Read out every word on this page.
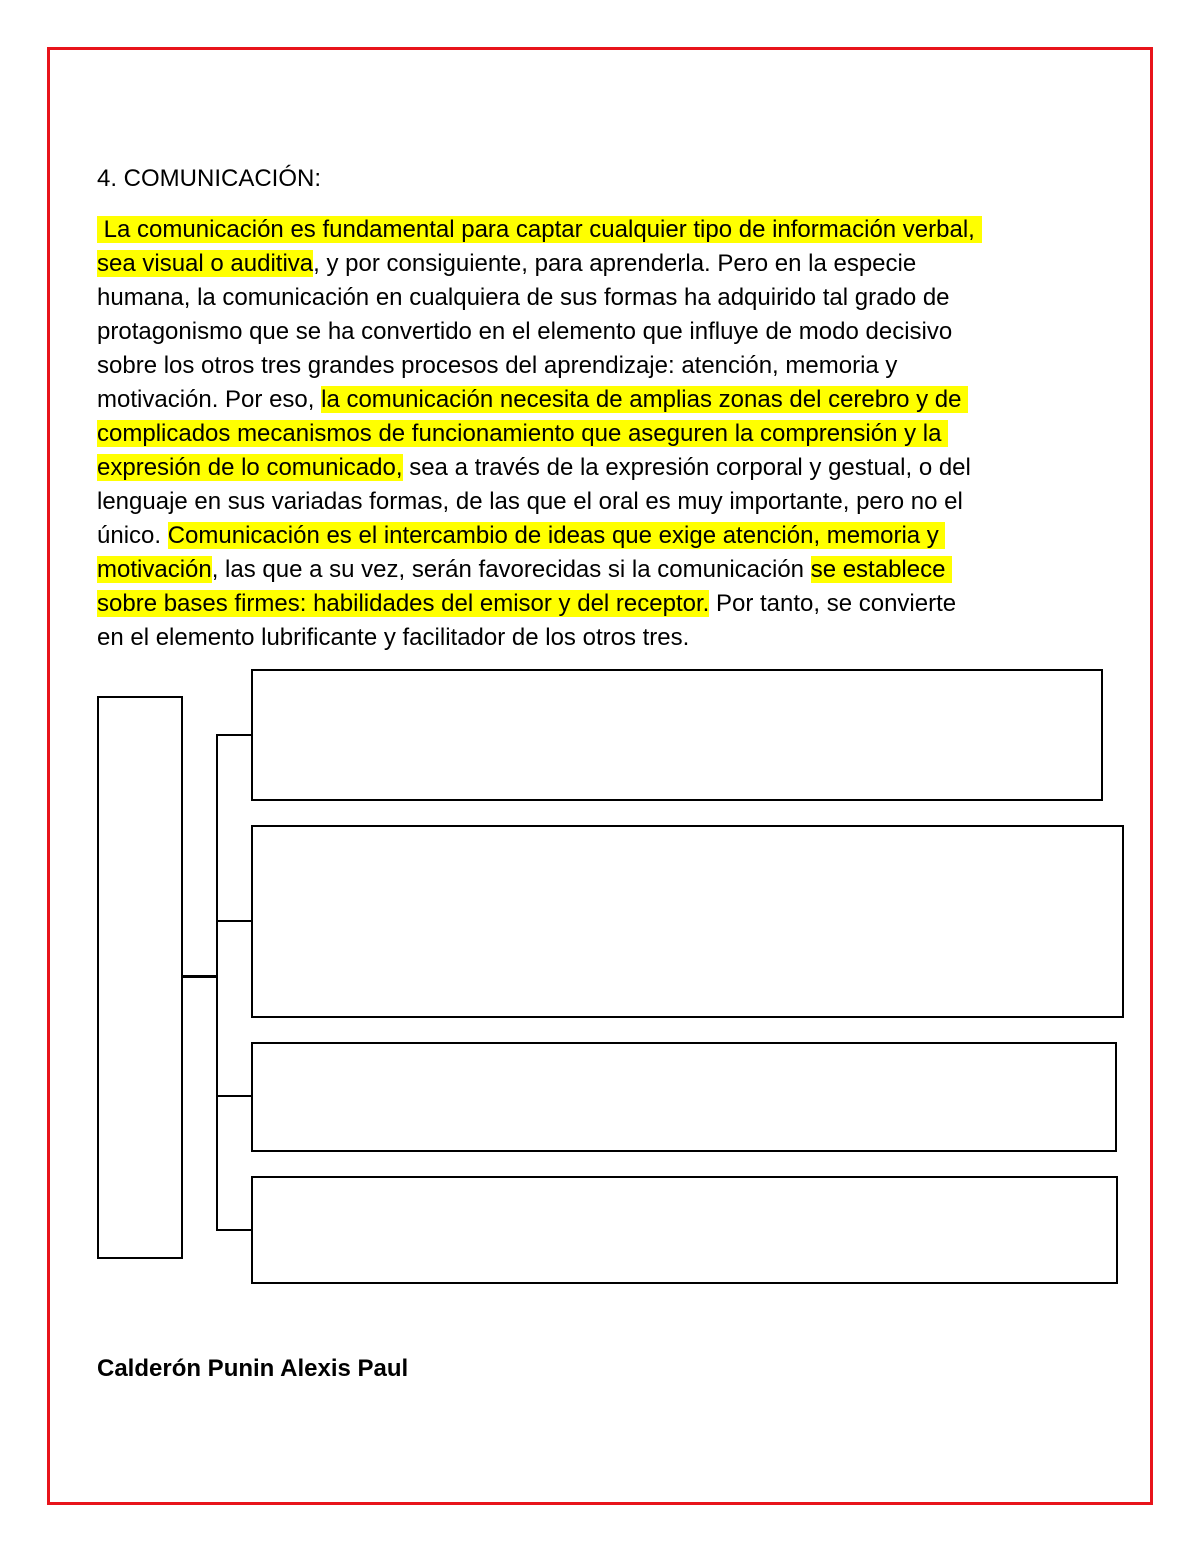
4. COMUNICACIÓN:
La comunicación es fundamental para captar cualquier tipo de información verbal,
sea visual o auditiva, y por consiguiente, para aprenderla. Pero en la especie
humana, la comunicación en cualquiera de sus formas ha adquirido tal grado de
protagonismo que se ha convertido en el elemento que influye de modo decisivo
sobre los otros tres grandes procesos del aprendizaje: atención, memoria y
motivación. Por eso, la comunicación necesita de amplias zonas del cerebro y de
complicados mecanismos de funcionamiento que aseguren la comprensión y la
expresión de lo comunicado, sea a través de la expresión corporal y gestual, o del
lenguaje en sus variadas formas, de las que el oral es muy importante, pero no el
único. Comunicación es el intercambio de ideas que exige atención, memoria y
motivación, las que a su vez, serán favorecidas si la comunicación se establece
sobre bases firmes: habilidades del emisor y del receptor. Por tanto, se convierte
en el elemento lubrificante y facilitador de los otros tres.

Calderón Punin Alexis Paul
